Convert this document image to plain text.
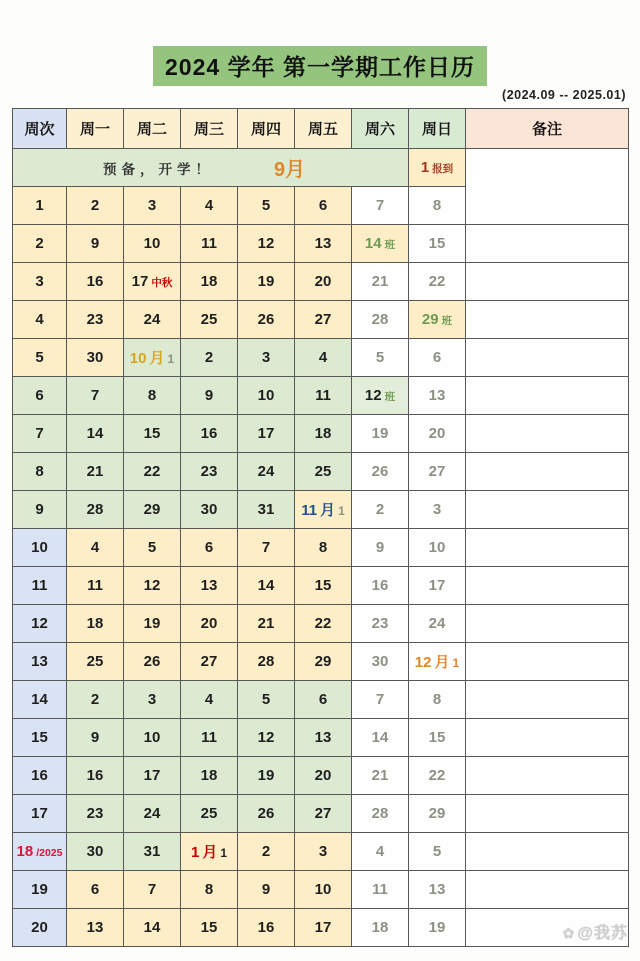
2024 学年 第一学期工作日历
(2024.09 -- 2025.01)
周次	周一	周二	周三	周四	周五	周六	周日	备注

预备，开学！ 9月							1 报到	
1	2	3	4	5	6	7	8	
2	9	10	11	12	13	14 班	15	
3	16	17 中秋	18	19	20	21	22	
4	23	24	25	26	27	28	29 班	
5	30	10 月 1	2	3	4	5	6	
6	7	8	9	10	11	12 班	13	
7	14	15	16	17	18	19	20	
8	21	22	23	24	25	26	27	
9	28	29	30	31	11 月 1	2	3	
10	4	5	6	7	8	9	10	
11	11	12	13	14	15	16	17	
12	18	19	20	21	22	23	24	
13	25	26	27	28	29	30	12 月 1	
14	2	3	4	5	6	7	8	
15	9	10	11	12	13	14	15	
16	16	17	18	19	20	21	22	
17	23	24	25	26	27	28	29	
18 /2025	30	31	1 月 1	2	3	4	5	
19	6	7	8	9	10	11	13	
20	13	14	15	16	17	18	19		✿ @我苏
